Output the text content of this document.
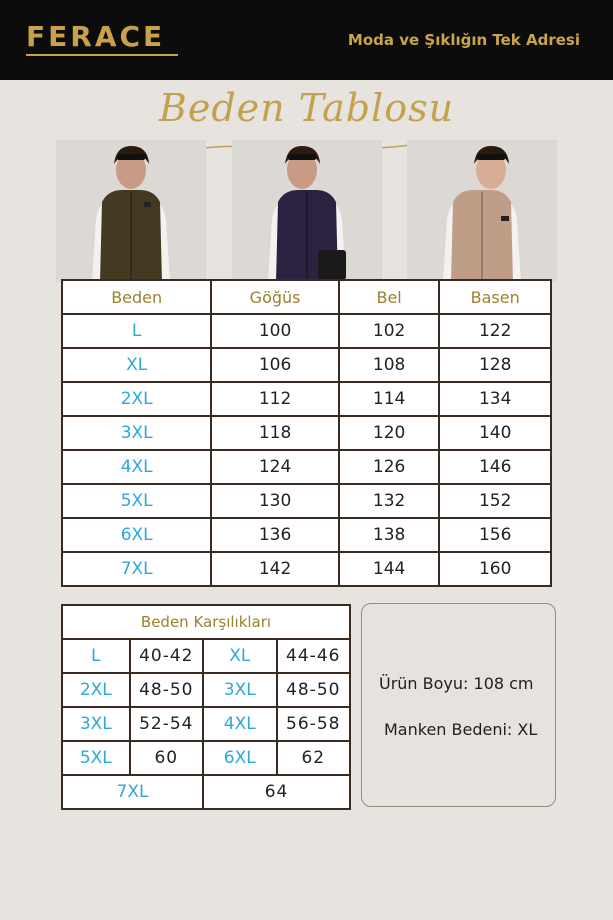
FERACE	Moda ve Şıklığın Tek Adresi
Beden Tablosu
Beden	Göğüs	Bel	Basen
L	100	102	122
XL	106	108	128
2XL	112	114	134
3XL	118	120	140
4XL	124	126	146
5XL	130	132	152
6XL	136	138	156
7XL	142	144	160
Beden Karşılıkları			
L	40-42	XL	44-46
2XL	48-50	3XL	48-50
3XL	52-54	4XL	56-58
5XL	60	6XL	62
7XL		64	
Ürün Boyu: 108 cm
Manken Bedeni: XL
